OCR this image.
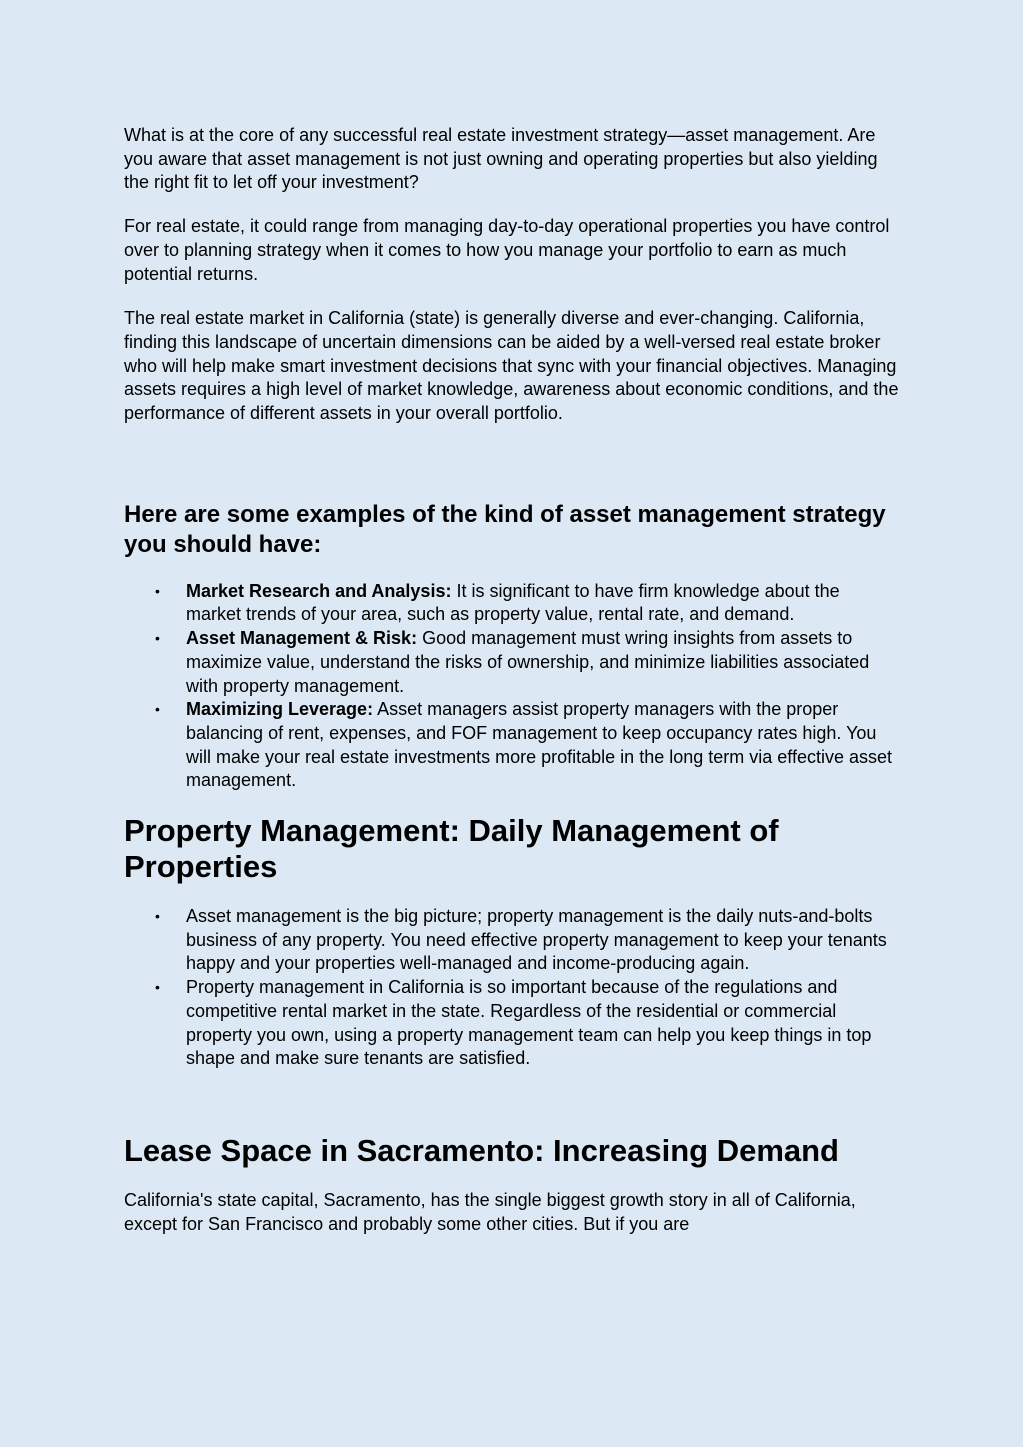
What is at the core of any successful real estate investment strategy—asset management. Are you aware that asset management is not just owning and operating properties but also yielding the right fit to let off your investment?

For real estate, it could range from managing day-to-day operational properties you have control over to planning strategy when it comes to how you manage your portfolio to earn as much potential returns.

The real estate market in California (state) is generally diverse and ever-changing. California, finding this landscape of uncertain dimensions can be aided by a well-versed real estate broker who will help make smart investment decisions that sync with your financial objectives. Managing assets requires a high level of market knowledge, awareness about economic conditions, and the performance of different assets in your overall portfolio.

Here are some examples of the kind of asset management strategy you should have:
• Market Research and Analysis: It is significant to have firm knowledge about the market trends of your area, such as property value, rental rate, and demand.
• Asset Management & Risk: Good management must wring insights from assets to maximize value, understand the risks of ownership, and minimize liabilities associated with property management.
• Maximizing Leverage: Asset managers assist property managers with the proper balancing of rent, expenses, and FOF management to keep occupancy rates high. You will make your real estate investments more profitable in the long term via effective asset management.
Property Management: Daily Management of Properties
• Asset management is the big picture; property management is the daily nuts-and-bolts business of any property. You need effective property management to keep your tenants happy and your properties well-managed and income-producing again.
• Property management in California is so important because of the regulations and competitive rental market in the state. Regardless of the residential or commercial property you own, using a property management team can help you keep things in top shape and make sure tenants are satisfied.
Lease Space in Sacramento: Increasing Demand

California's state capital, Sacramento, has the single biggest growth story in all of California, except for San Francisco and probably some other cities. But if you are
